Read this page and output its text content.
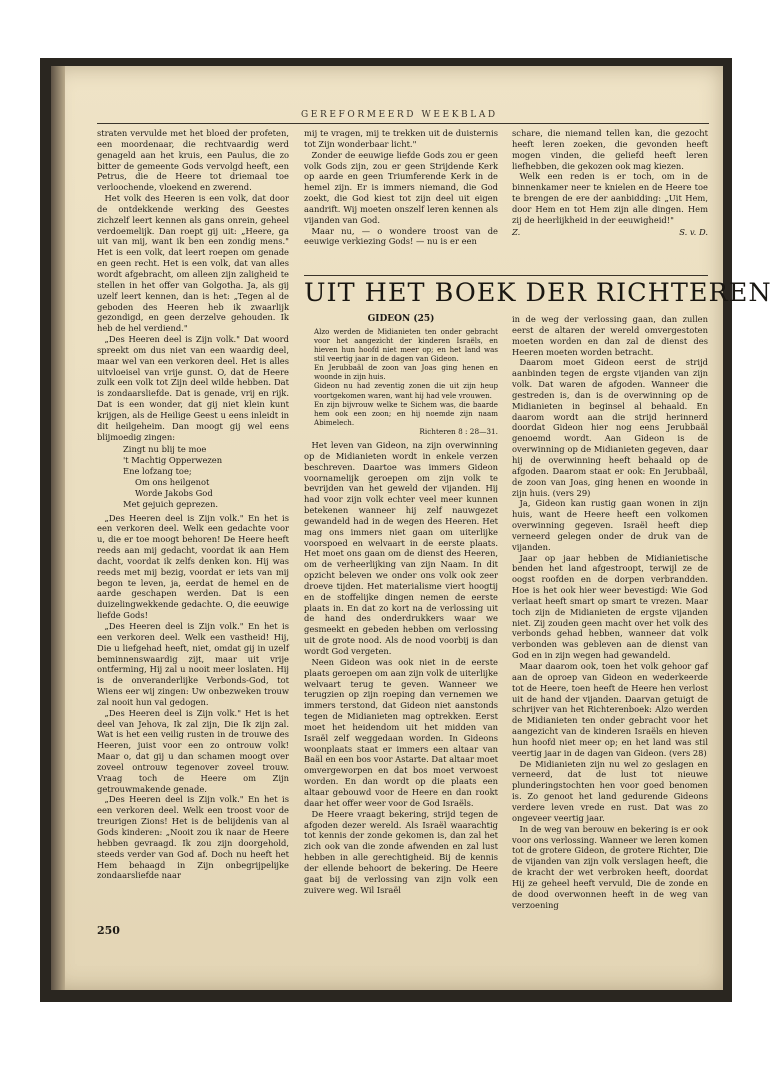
GEREFORMEERD WEEKBLAD

straten vervulde met het bloed der profeten, een moordenaar, die rechtvaardig werd genageld aan het kruis, een Paulus, die zo bitter de gemeente Gods vervolgd heeft, een Petrus, die de Heere tot driemaal toe verloochende, vloekend en zwerend.

Het volk des Heeren is een volk, dat door de ontdekkende werking des Geestes zichzelf leert kennen als gans onrein, geheel verdoemelijk. Dan roept gij uit: „Heere, ga uit van mij, want ik ben een zondig mens." Het is een volk, dat leert roepen om genade en geen recht. Het is een volk, dat van alles wordt afgebracht, om alleen zijn zaligheid te stellen in het offer van Golgotha. Ja, als gij uzelf leert kennen, dan is het: „Tegen al de geboden des Heeren heb ik zwaarlijk gezondigd, en geen derzelve gehouden. Ik heb de hel verdiend."

„Des Heeren deel is Zijn volk." Dat woord spreekt om dus niet van een waardig deel, maar wel van een verkoren deel. Het is alles uitvloeisel van vrije gunst. O, dat de Heere zulk een volk tot Zijn deel wilde hebben. Dat is zondaarsliefde. Dat is genade, vrij en rijk. Dat is een wonder, dat gij niet klein kunt krijgen, als de Heilige Geest u eens inleidt in dit heilgeheim. Dan moogt gij wel eens blijmoedig zingen:

Zingt nu blij te moe
't Machtig Opperwezen
Ene lofzang toe;
Om ons heilgenot
Worde Jakobs God
Met gejuich geprezen.

„Des Heeren deel is Zijn volk." En het is een verkoren deel. Welk een gedachte voor u, die er toe moogt behoren! De Heere heeft reeds aan mij gedacht, voordat ik aan Hem dacht, voordat ik zelfs denken kon. Hij was reeds met mij bezig, voordat er iets van mij begon te leven, ja, eerdat de hemel en de aarde geschapen werden. Dat is een duizelingwekkende gedachte. O, die eeuwige liefde Gods!

„Des Heeren deel is Zijn volk." En het is een verkoren deel. Welk een vastheid! Hij, Die u liefgehad heeft, niet, omdat gij in uzelf beminnenswaardig zijt, maar uit vrije ontferming, Hij zal u nooit meer loslaten. Hij is de onveranderlijke Verbonds-God, tot Wiens eer wij zingen: Uw onbezweken trouw zal nooit hun val gedogen.

„Des Heeren deel is Zijn volk." Het is het deel van Jehova, Ik zal zijn, Die Ik zijn zal. Wat is het een veilig rusten in de trouwe des Heeren, juist voor een zo ontrouw volk! Maar o, dat gij u dan schamen moogt over zoveel ontrouw tegenover zoveel trouw. Vraag toch de Heere om Zijn getrouwmakende genade.

„Des Heeren deel is Zijn volk." En het is een verkoren deel. Welk een troost voor de treurigen Zions! Het is de belijdenis van al Gods kinderen: „Nooit zou ik naar de Heere hebben gevraagd. Ik zou zijn doorgehold, steeds verder van God af. Doch nu heeft het Hem behaagd in Zijn onbegrijpelijke zondaarsliefde naar

mij te vragen, mij te trekken uit de duisternis tot Zijn wonderbaar licht."

Zonder de eeuwige liefde Gods zou er geen volk Gods zijn, zou er geen Strijdende Kerk op aarde en geen Triumferende Kerk in de hemel zijn. Er is immers niemand, die God zoekt, die God kiest tot zijn deel uit eigen aandrift. Wij moeten onszelf leren kennen als vijanden van God.

Maar nu, — o wondere troost van de eeuwige verkiezing Gods! — nu is er een

schare, die niemand tellen kan, die gezocht heeft leren zoeken, die gevonden heeft mogen vinden, die geliefd heeft leren liefhebben, die gekozen ook mag kiezen.

Welk een reden is er toch, om in de binnenkamer neer te knielen en de Heere toe te brengen de ere der aanbidding: „Uit Hem, door Hem en tot Hem zijn alle dingen. Hem zij de heerlijkheid in der eeuwigheid!"

Z.	S. v. D.
UIT HET BOEK DER RICHTEREN
GIDEON (25)

Alzo werden de Midianieten ten onder gebracht voor het aangezicht der kinderen Israëls, en hieven hun hoofd niet meer op; en het land was stil veertig jaar in de dagen van Gideon.

En Jerubbaäl de zoon van Joas ging henen en woonde in zijn huis.

Gideon nu had zeventig zonen die uit zijn heup voortgekomen waren, want hij had vele vrouwen.

En zijn bijvrouw welke te Sichem was, die baarde hem ook een zoon; en hij noemde zijn naam Abimelech.

Richteren 8 : 28—31.

Het leven van Gideon, na zijn overwinning op de Midianieten wordt in enkele verzen beschreven. Daartoe was immers Gideon voornamelijk geroepen om zijn volk te bevrijden van het geweld der vijanden. Hij had voor zijn volk echter veel meer kunnen betekenen wanneer hij zelf nauwgezet gewandeld had in de wegen des Heeren. Het mag ons immers niet gaan om uiterlijke voorspoed en welvaart in de eerste plaats. Het moet ons gaan om de dienst des Heeren, om de verheerlijking van zijn Naam. In dit opzicht beleven we onder ons volk ook zeer droeve tijden. Het materialisme viert hoogtij en de stoffelijke dingen nemen de eerste plaats in. En dat zo kort na de verlossing uit de hand des onderdrukkers waar we gesmeekt en gebeden hebben om verlossing uit de grote nood. Als de nood voorbij is dan wordt God vergeten.

Neen Gideon was ook niet in de eerste plaats geroepen om aan zijn volk de uiterlijke welvaart terug te geven. Wanneer we terugzien op zijn roeping dan vernemen we immers terstond, dat Gideon niet aanstonds tegen de Midianieten mag optrekken. Eerst moet het heidendom uit het midden van Israël zelf weggedaan worden. In Gideons woonplaats staat er immers een altaar van Baäl en een bos voor Astarte. Dat altaar moet omvergeworpen en dat bos moet verwoest worden. En dan wordt op die plaats een altaar gebouwd voor de Heere en dan rookt daar het offer weer voor de God Israëls.

De Heere vraagt bekering, strijd tegen de afgoden dezer wereld. Als Israël waarachtig tot kennis der zonde gekomen is, dan zal het zich ook van die zonde afwenden en zal lust hebben in alle gerechtigheid. Bij de kennis der ellende behoort de bekering. De Heere gaat bij de verlossing van zijn volk een zuivere weg. Wil Israël

in de weg der verlossing gaan, dan zullen eerst de altaren der wereld omvergestoten moeten worden en dan zal de dienst des Heeren moeten worden betracht.

Daarom moet Gideon eerst de strijd aanbinden tegen de ergste vijanden van zijn volk. Dat waren de afgoden. Wanneer die gestreden is, dan is de overwinning op de Midianieten in beginsel al behaald. En daarom wordt aan die strijd herinnerd doordat Gideon hier nog eens Jerubbaäl genoemd wordt. Aan Gideon is de overwinning op de Midianieten gegeven, daar hij de overwinning heeft behaald op de afgoden. Daarom staat er ook: En Jerubbaäl, de zoon van Joas, ging henen en woonde in zijn huis. (vers 29)

Ja, Gideon kan rustig gaan wonen in zijn huis, want de Heere heeft een volkomen overwinning gegeven. Israël heeft diep verneerd gelegen onder de druk van de vijanden.

Jaar op jaar hebben de Midianietische benden het land afgestroopt, terwijl ze de oogst roofden en de dorpen verbrandden. Hoe is het ook hier weer bevestigd: Wie God verlaat heeft smart op smart te vrezen. Maar toch zijn de Midianieten de ergste vijanden niet. Zij zouden geen macht over het volk des verbonds gehad hebben, wanneer dat volk verbonden was gebleven aan de dienst van God en in zijn wegen had gewandeld.

Maar daarom ook, toen het volk gehoor gaf aan de oproep van Gideon en wederkeerde tot de Heere, toen heeft de Heere hen verlost uit de hand der vijanden. Daarvan getuigt de schrijver van het Richterenboek: Alzo werden de Midianieten ten onder gebracht voor het aangezicht van de kinderen Israëls en hieven hun hoofd niet meer op; en het land was stil veertig jaar in de dagen van Gideon. (vers 28)

De Midianieten zijn nu wel zo geslagen en verneerd, dat de lust tot nieuwe plunderingstochten hen voor goed benomen is. Zo genoot het land gedurende Gideons verdere leven vrede en rust. Dat was zo ongeveer veertig jaar.

In de weg van berouw en bekering is er ook voor ons verlossing. Wanneer we leren komen tot de grotere Gideon, de grotere Richter, Die de vijanden van zijn volk verslagen heeft, die de kracht der wet verbroken heeft, doordat Hij ze geheel heeft vervuld, Die de zonde en de dood overwonnen heeft in de weg van verzoening

250
